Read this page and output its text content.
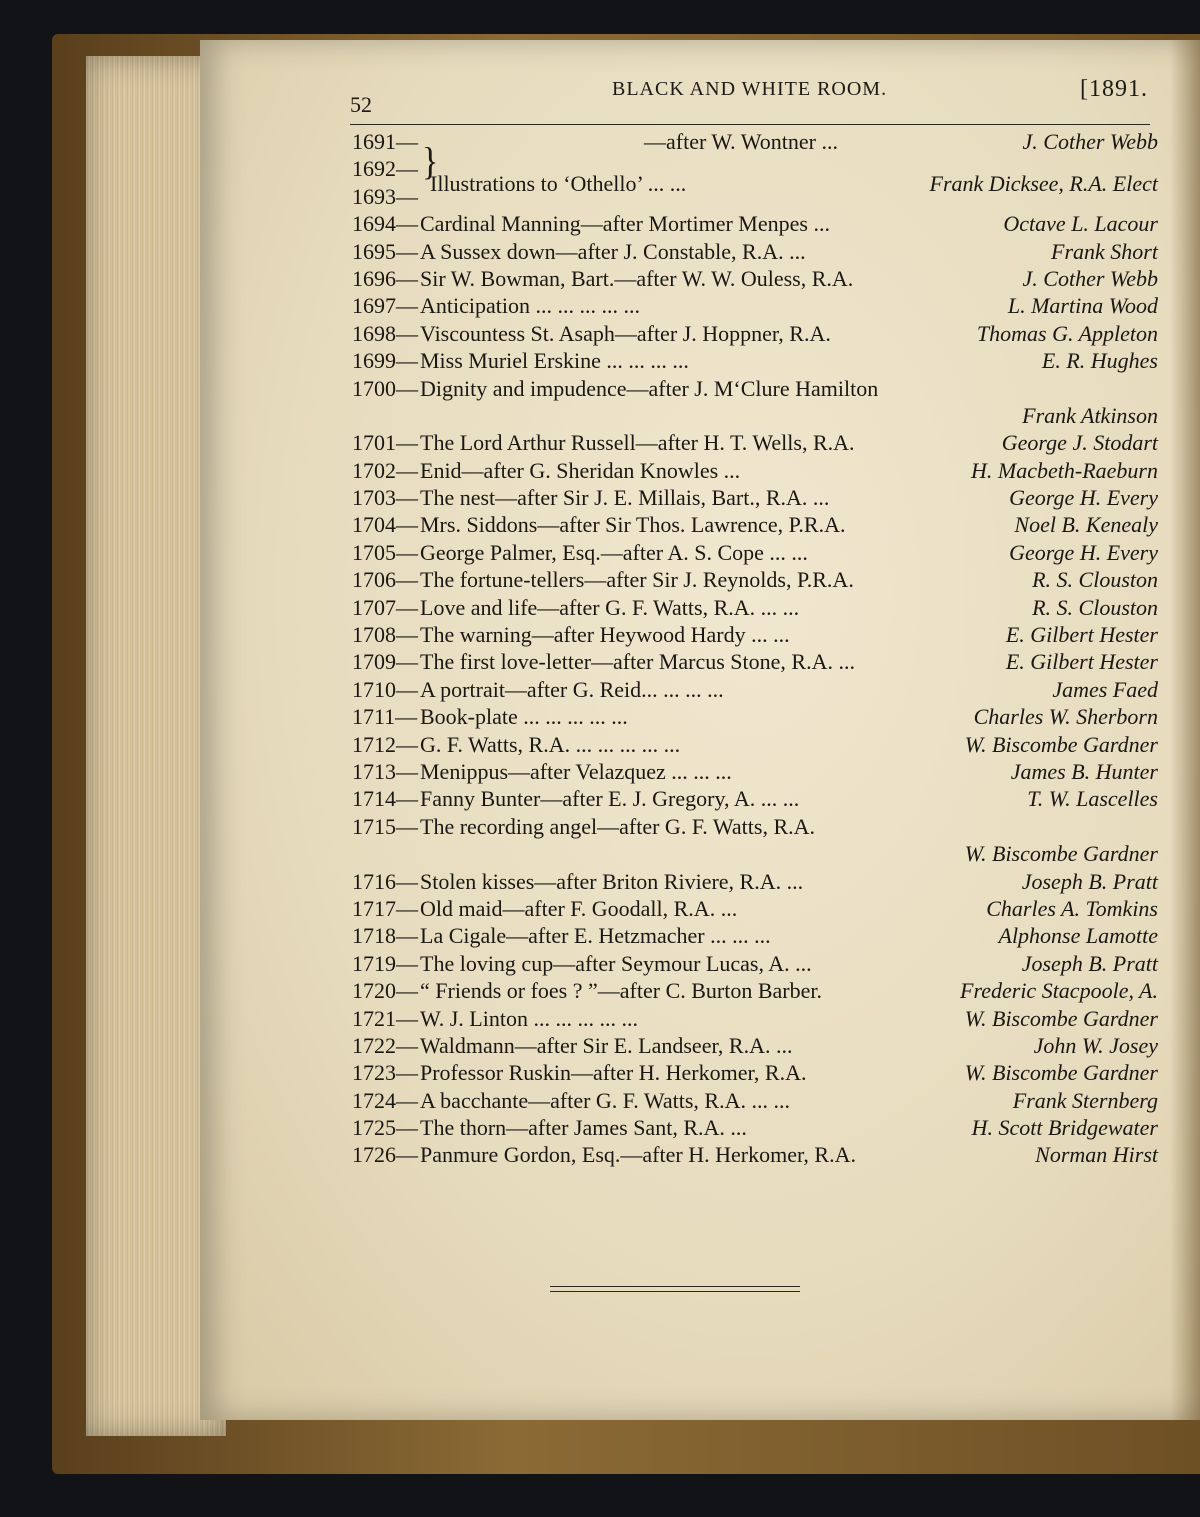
52
BLACK AND WHITE ROOM.	[1891.
1691—	—after W. Wontner ...	J. Cother Webb
1692—
1693—
}
Illustrations to ‘Othello’ ... ...	Frank Dicksee, R.A. Elect
1694— Cardinal Manning—after Mortimer Menpes ...	Octave L. Lacour
1695— A Sussex down—after J. Constable, R.A. ...	Frank Short
1696— Sir W. Bowman, Bart.—after W. W. Ouless, R.A.	J. Cother Webb
1697— Anticipation ... ... ... ... ...	L. Martina Wood
1698— Viscountess St. Asaph—after J. Hoppner, R.A.	Thomas G. Appleton
1699— Miss Muriel Erskine ... ... ... ...	E. R. Hughes
1700— Dignity and impudence—after J. M‘Clure Hamilton
Frank Atkinson
1701— The Lord Arthur Russell—after H. T. Wells, R.A.	George J. Stodart
1702— Enid—after G. Sheridan Knowles ...	H. Macbeth-Raeburn
1703— The nest—after Sir J. E. Millais, Bart., R.A. ...	George H. Every
1704— Mrs. Siddons—after Sir Thos. Lawrence, P.R.A.	Noel B. Kenealy
1705— George Palmer, Esq.—after A. S. Cope ... ...	George H. Every
1706— The fortune-tellers—after Sir J. Reynolds, P.R.A.	R. S. Clouston
1707— Love and life—after G. F. Watts, R.A. ... ...	R. S. Clouston
1708— The warning—after Heywood Hardy ... ...	E. Gilbert Hester
1709— The first love-letter—after Marcus Stone, R.A. ...	E. Gilbert Hester
1710— A portrait—after G. Reid... ... ... ...	James Faed
1711— Book-plate ... ... ... ... ...	Charles W. Sherborn
1712— G. F. Watts, R.A. ... ... ... ... ...	W. Biscombe Gardner
1713— Menippus—after Velazquez ... ... ...	James B. Hunter
1714— Fanny Bunter—after E. J. Gregory, A. ... ...	T. W. Lascelles
1715— The recording angel—after G. F. Watts, R.A.
W. Biscombe Gardner
1716— Stolen kisses—after Briton Riviere, R.A. ...	Joseph B. Pratt
1717— Old maid—after F. Goodall, R.A. ...	Charles A. Tomkins
1718— La Cigale—after E. Hetzmacher ... ... ...	Alphonse Lamotte
1719— The loving cup—after Seymour Lucas, A. ...	Joseph B. Pratt
1720— “ Friends or foes ? ”—after C. Burton Barber.	Frederic Stacpoole, A.
1721— W. J. Linton ... ... ... ... ...	W. Biscombe Gardner
1722— Waldmann—after Sir E. Landseer, R.A. ...	John W. Josey
1723— Professor Ruskin—after H. Herkomer, R.A.	W. Biscombe Gardner
1724— A bacchante—after G. F. Watts, R.A. ... ...	Frank Sternberg
1725— The thorn—after James Sant, R.A. ...	H. Scott Bridgewater
1726— Panmure Gordon, Esq.—after H. Herkomer, R.A.	Norman Hirst
